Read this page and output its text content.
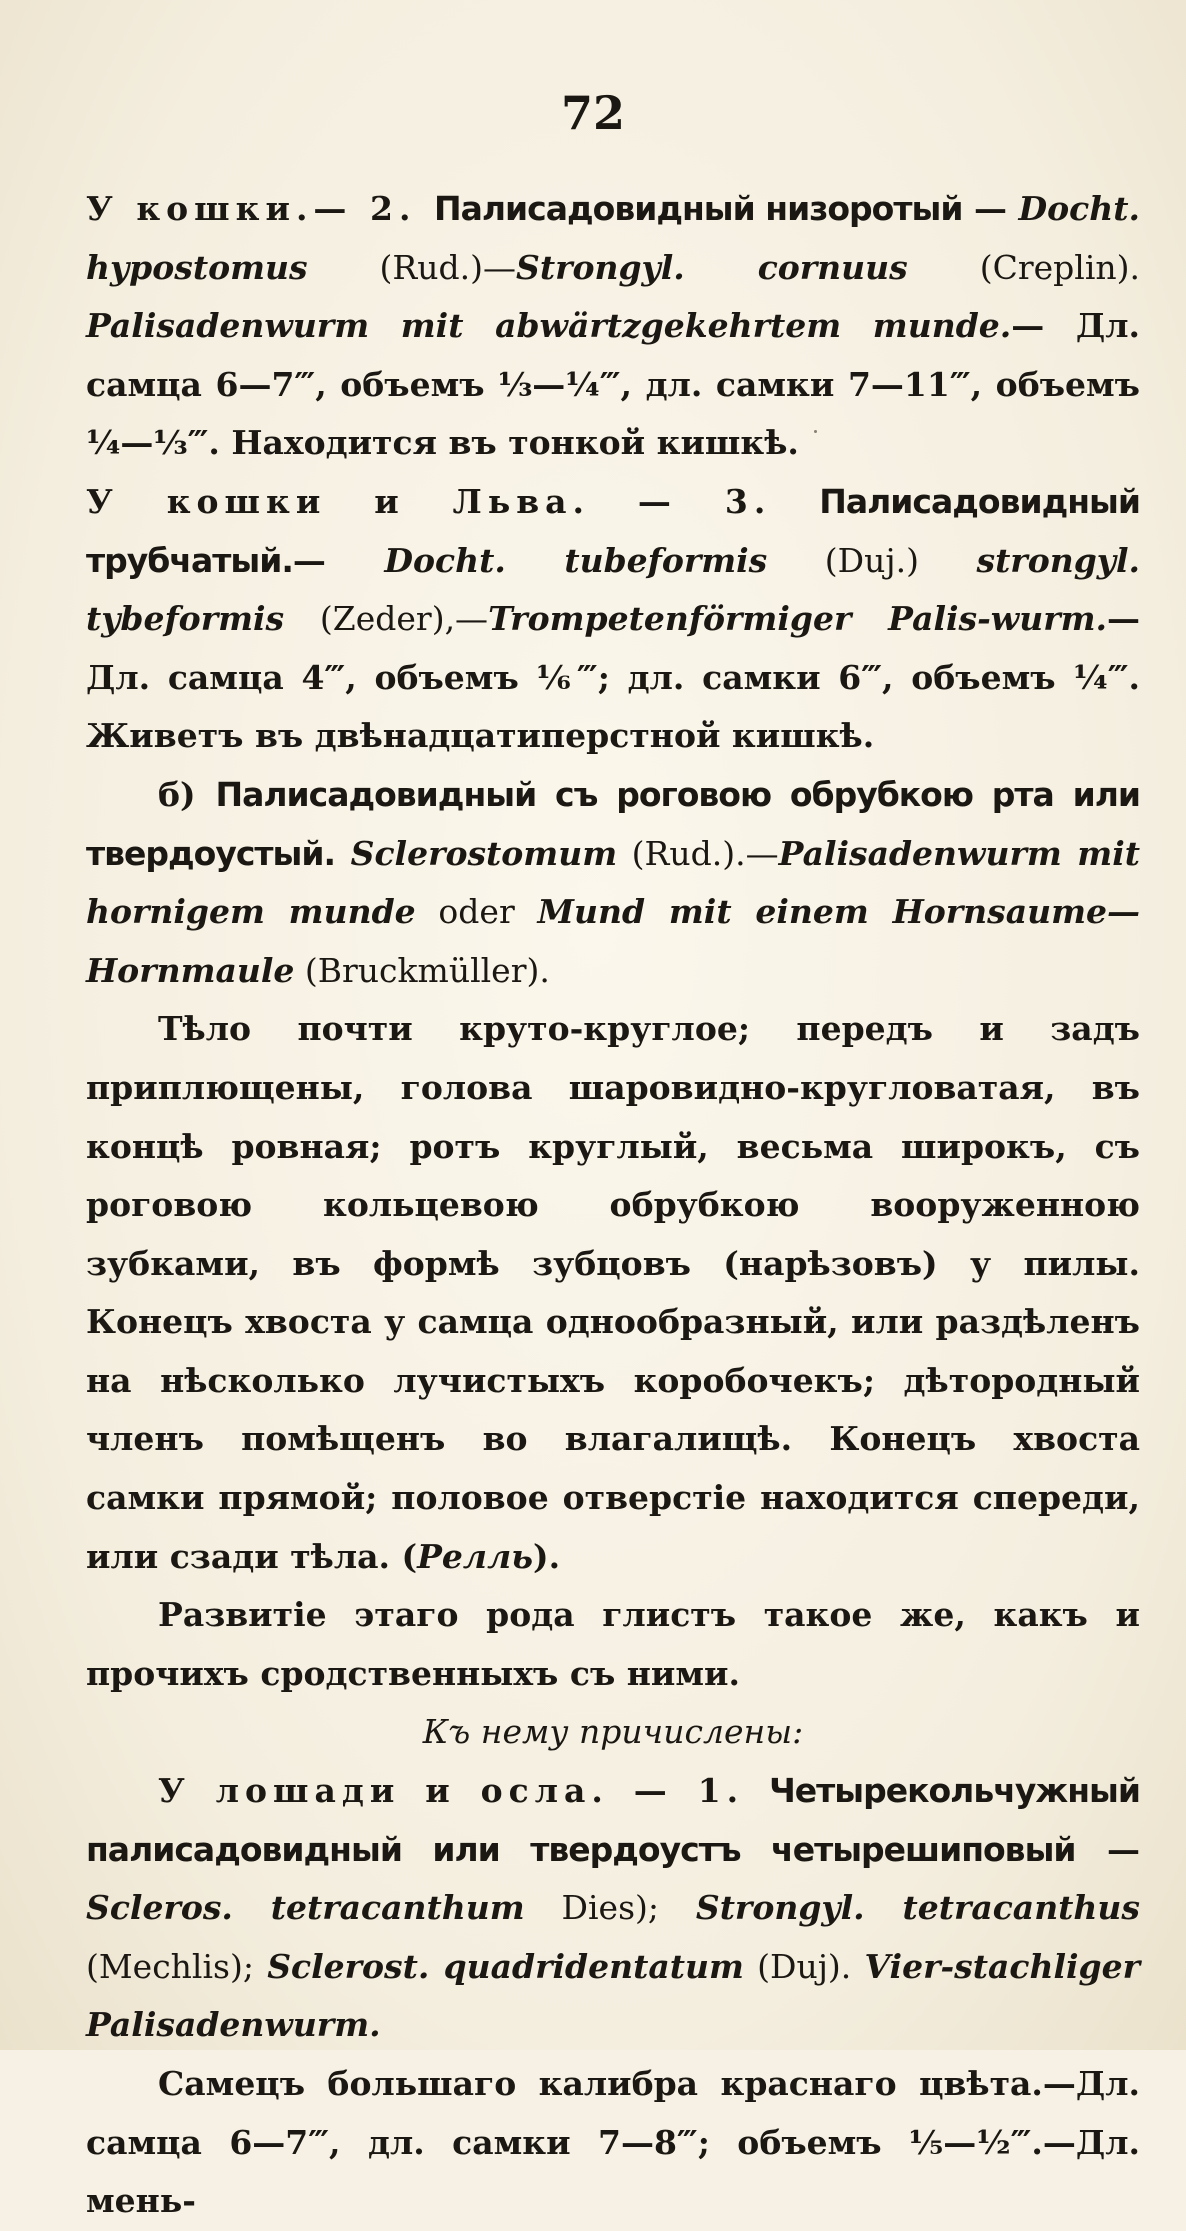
72

У кошки.— 2. Палисадовидный низоротый — Docht. hypostomus (Rud.)—Strongyl. cornuus (Creplin). Palisadenwurm mit abwärtzgekehrtem munde.— Дл. самца 6—7‴, объемъ ⅓—¼‴, дл. самки 7—11‴, объемъ ¼—⅓‴. Находится въ тонкой кишкѣ.

У кошки и Льва. — 3. Палисадовидный трубчатый.— Docht. tubeformis (Duj.) strongyl. tybeformis (Zeder),—Trompetenförmiger Palis-wurm.—Дл. самца 4‴, объемъ ⅙‴; дл. самки 6‴, объемъ ¼‴. Живетъ въ двѣнадцатиперстной кишкѣ.

б) Палисадовидный съ роговою обрубкою рта или твердоустый. Sclerostomum (Rud.).—Palisadenwurm mit hornigem munde oder Mund mit einem Hornsaume—Hornmaule (Bruckmüller).

Тѣло почти круто-круглое; передъ и задъ приплющены, голова шаровидно-кругловатая, въ концѣ ровная; ротъ круглый, весьма широкъ, съ роговою кольцевою обрубкою вооруженною зубками, въ формѣ зубцовъ (нарѣзовъ) у пилы. Конецъ хвоста у самца однообразный, или раздѣленъ на нѣсколько лучистыхъ коробочекъ; дѣтородный членъ помѣщенъ во влагалищѣ. Конецъ хвоста самки прямой; половое отверстіе находится спереди, или сзади тѣла. (Релль).

Развитіе этаго рода глистъ такое же, какъ и прочихъ сродственныхъ съ ними.

Къ нему причислены:

У лошади и осла. — 1. Четырекольчужный палисадовидный или твердоустъ четырешиповый — Scleros. tetracanthum Dies); Strongyl. tetracanthus (Mechlis); Sclerost. quadridentatum (Duj). Vier-stachliger Palisadenwurm.

Самецъ большаго калибра краснаго цвѣта.—Дл. самца 6—7‴, дл. самки 7—8‴; объемъ ⅕—½‴.—Дл. мень-
